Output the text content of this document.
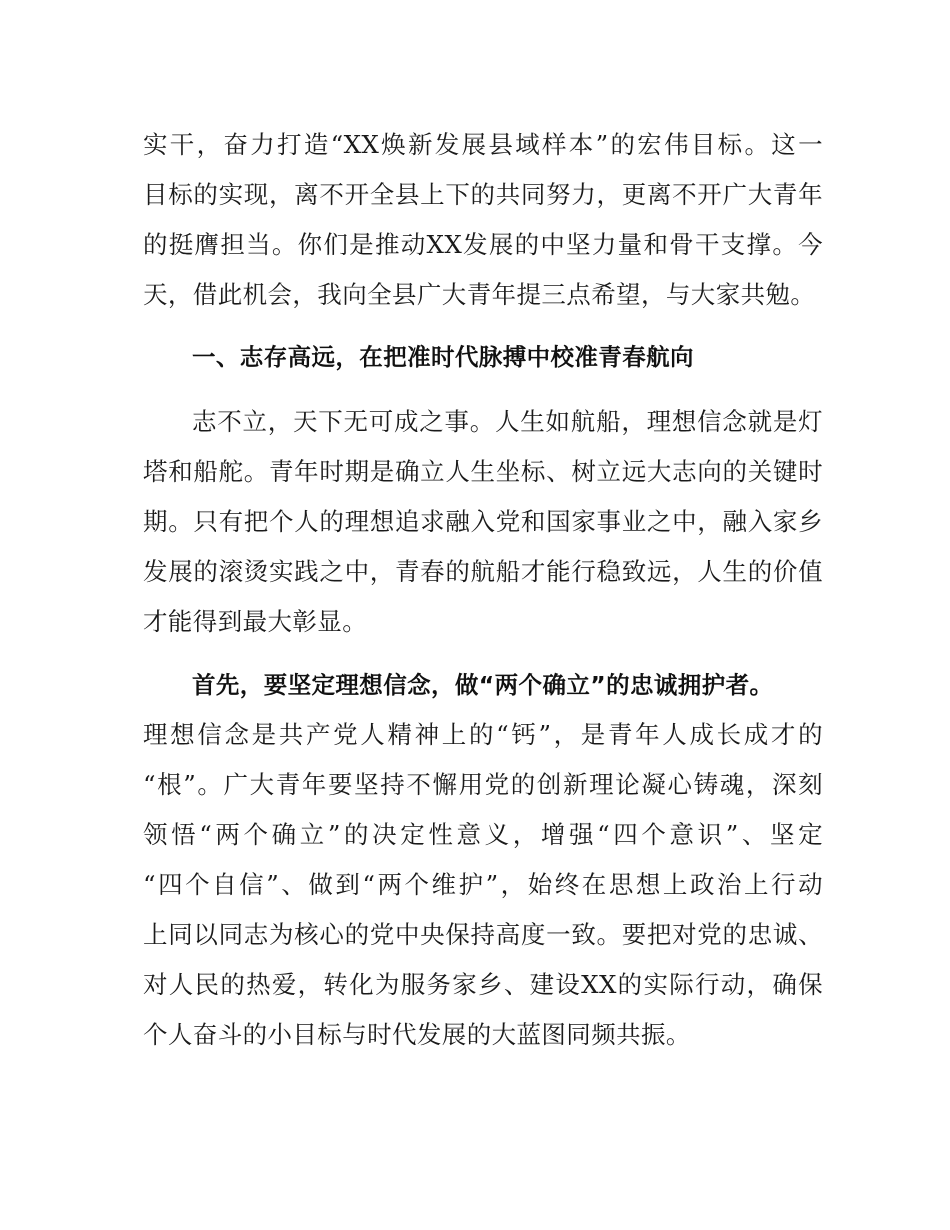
实干，奋力打造“XX焕新发展县域样本”的宏伟目标。这一
目标的实现，离不开全县上下的共同努力，更离不开广大青年
的挺膺担当。你们是推动XX发展的中坚力量和骨干支撑。今
天，借此机会，我向全县广大青年提三点希望，与大家共勉。
一、志存高远，在把准时代脉搏中校准青春航向
志不立，天下无可成之事。人生如航船，理想信念就是灯
塔和船舵。青年时期是确立人生坐标、树立远大志向的关键时
期。只有把个人的理想追求融入党和国家事业之中，融入家乡
发展的滚烫实践之中，青春的航船才能行稳致远，人生的价值
才能得到最大彰显。
首先，要坚定理想信念，做“两个确立”的忠诚拥护者。
理想信念是共产党人精神上的“钙”，是青年人成长成才的
“根”。广大青年要坚持不懈用党的创新理论凝心铸魂，深刻
领悟“两个确立”的决定性意义，增强“四个意识”、坚定
“四个自信”、做到“两个维护”，始终在思想上政治上行动
上同以同志为核心的党中央保持高度一致。要把对党的忠诚、
对人民的热爱，转化为服务家乡、建设XX的实际行动，确保
个人奋斗的小目标与时代发展的大蓝图同频共振。
